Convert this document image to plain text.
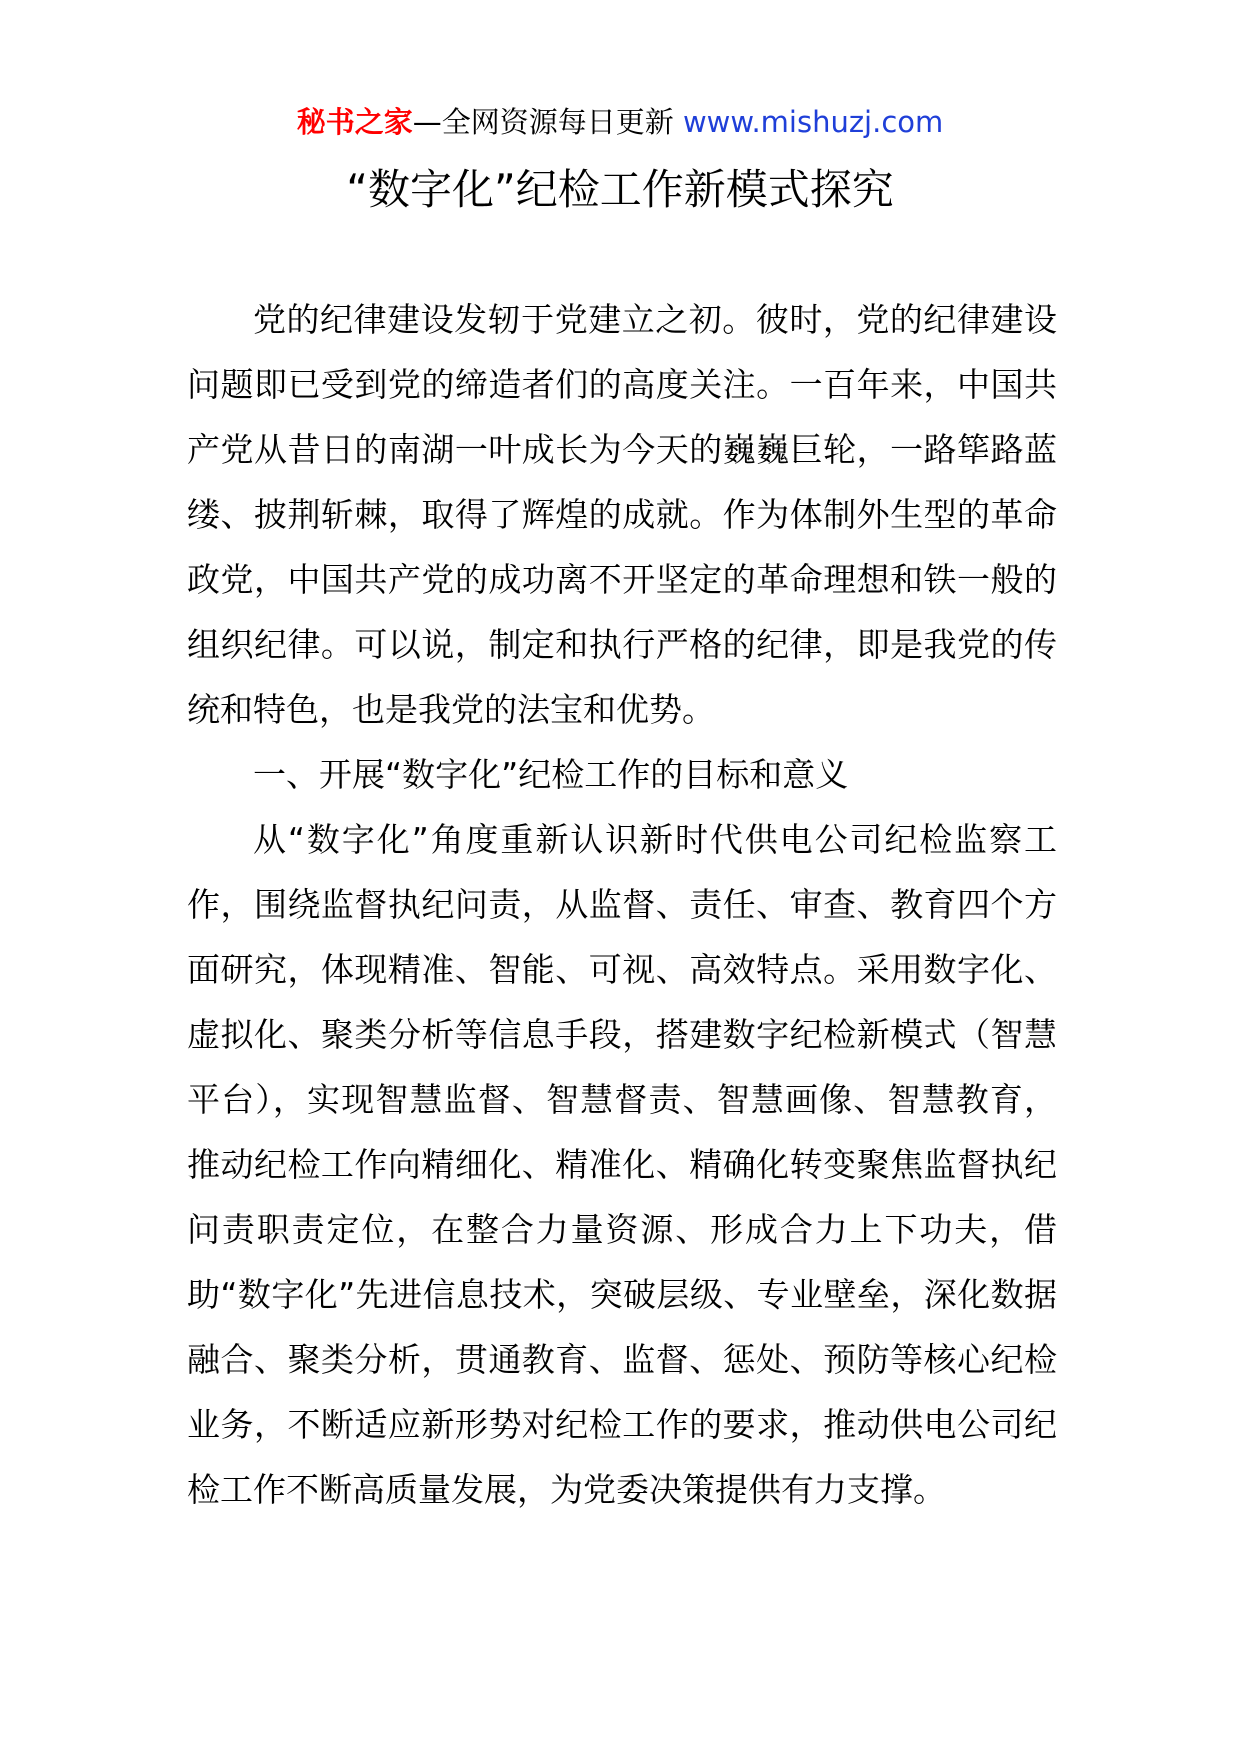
秘书之家—全网资源每日更新 www.mishuzj.com
“数字化”纪检工作新模式探究

党的纪律建设发轫于党建立之初。彼时，党的纪律建设问题即已受到党的缔造者们的高度关注。一百年来，中国共产党从昔日的南湖一叶成长为今天的巍巍巨轮，一路筚路蓝缕、披荆斩棘，取得了辉煌的成就。作为体制外生型的革命政党，中国共产党的成功离不开坚定的革命理想和铁一般的组织纪律。可以说，制定和执行严格的纪律，即是我党的传统和特色，也是我党的法宝和优势。

一、开展“数字化”纪检工作的目标和意义

从“数字化”角度重新认识新时代供电公司纪检监察工作，围绕监督执纪问责，从监督、责任、审查、教育四个方面研究，体现精准、智能、可视、高效特点。采用数字化、虚拟化、聚类分析等信息手段，搭建数字纪检新模式（智慧平台），实现智慧监督、智慧督责、智慧画像、智慧教育，推动纪检工作向精细化、精准化、精确化转变聚焦监督执纪问责职责定位，在整合力量资源、形成合力上下功夫，借助“数字化”先进信息技术，突破层级、专业壁垒，深化数据融合、聚类分析，贯通教育、监督、惩处、预防等核心纪检业务，不断适应新形势对纪检工作的要求，推动供电公司纪检工作不断高质量发展，为党委决策提供有力支撑。
